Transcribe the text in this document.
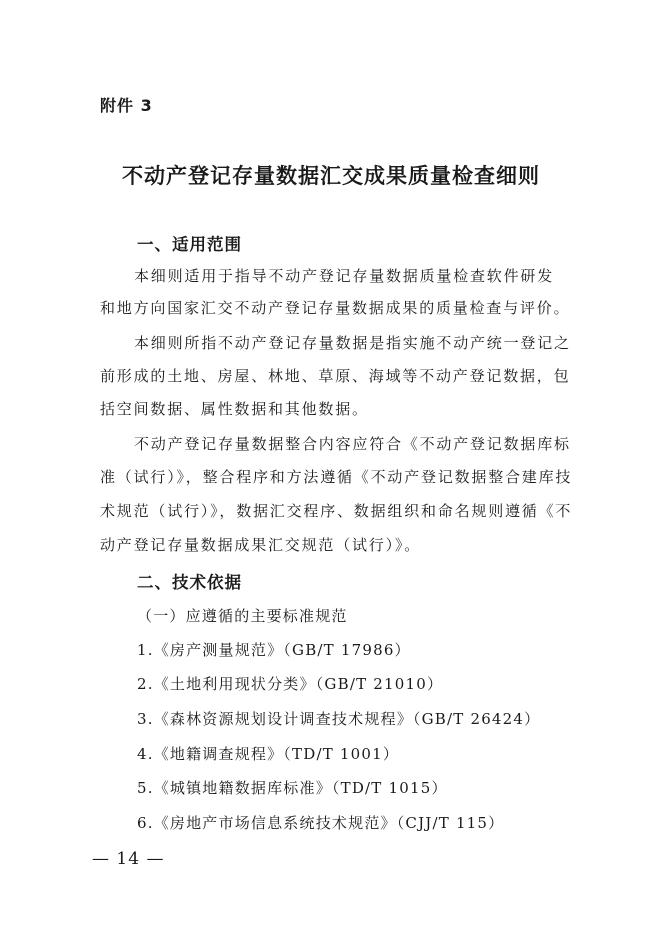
附件 3
不动产登记存量数据汇交成果质量检查细则
一、适用范围
本细则适用于指导不动产登记存量数据质量检查软件研发
和地方向国家汇交不动产登记存量数据成果的质量检查与评价。
本细则所指不动产登记存量数据是指实施不动产统一登记之
前形成的土地、房屋、林地、草原、海域等不动产登记数据，包
括空间数据、属性数据和其他数据。
不动产登记存量数据整合内容应符合《不动产登记数据库标
准（试行）》，整合程序和方法遵循《不动产登记数据整合建库技
术规范（试行）》，数据汇交程序、数据组织和命名规则遵循《不
动产登记存量数据成果汇交规范（试行）》。
二、技术依据
（一）应遵循的主要标准规范
1.《房产测量规范》（GB/T 17986）
2.《土地利用现状分类》（GB/T 21010）
3.《森林资源规划设计调查技术规程》（GB/T 26424）
4.《地籍调查规程》（TD/T 1001）
5.《城镇地籍数据库标准》（TD/T 1015）
6.《房地产市场信息系统技术规范》（CJJ/T 115）
— 14 —
